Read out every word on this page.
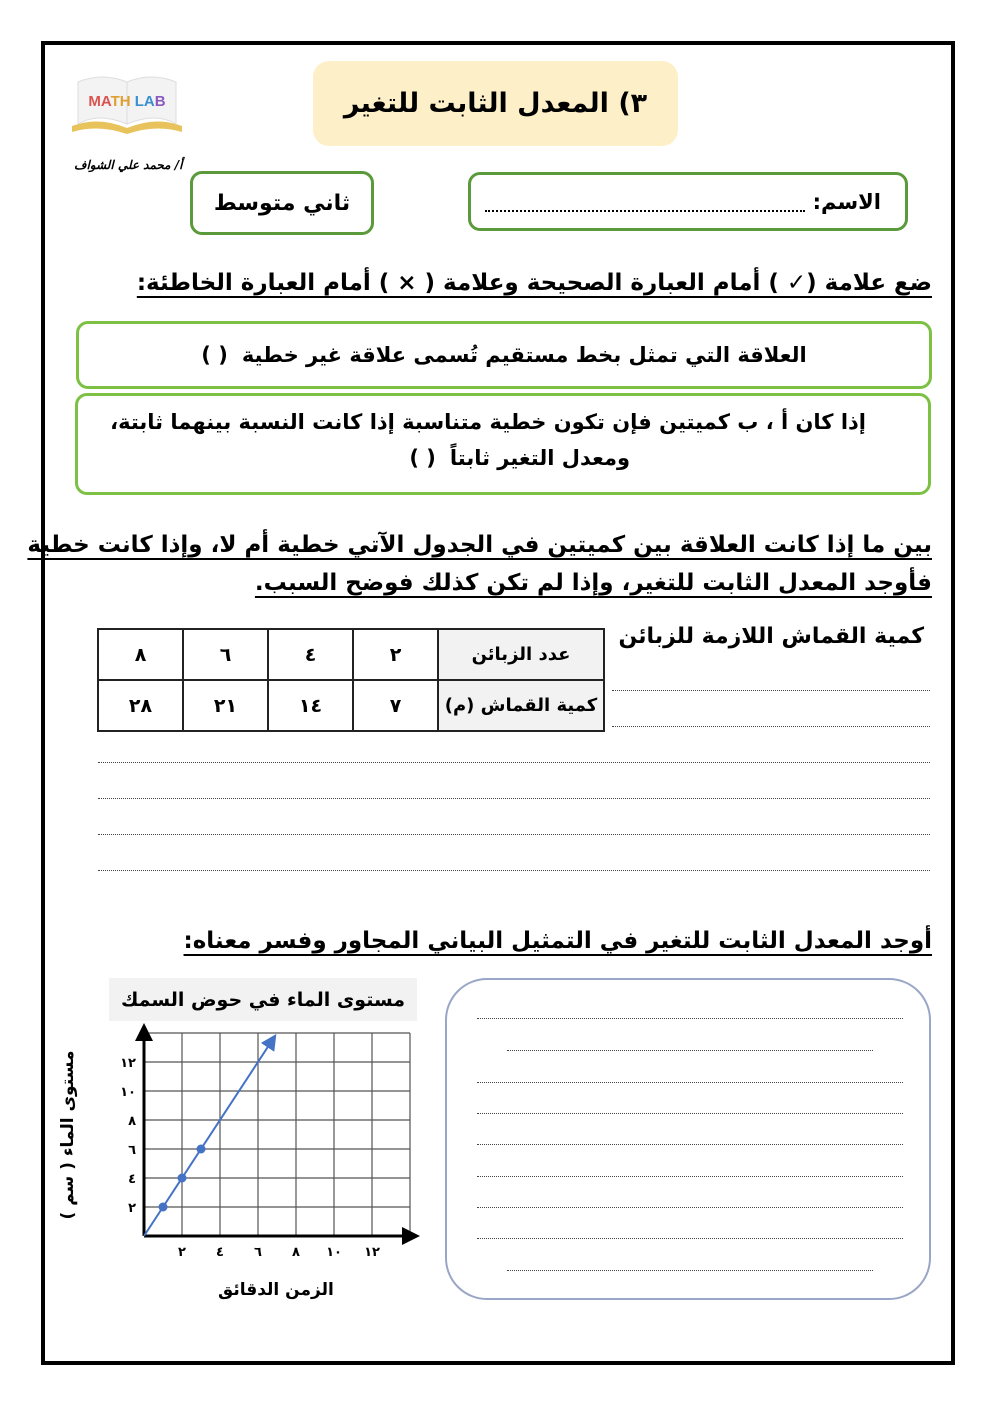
MATH LAB	٣) المعدل الثابت للتغير
أ/ محمد علي الشواف
ثاني متوسط	الاسم:
ضع علامة (✓ ) أمام العبارة الصحيحة وعلامة ( × ) أمام العبارة الخاطئة:
العلاقة التي تمثل بخط مستقيم تُسمى علاقة غير خطية
( )
إذا كان أ ، ب كميتين فإن تكون خطية متناسبة إذا كانت النسبة بينهما ثابتة،
ومعدل التغير ثابتاً
( )
بين ما إذا كانت العلاقة بين كميتين في الجدول الآتي خطية أم لا، وإذا كانت خطية
فأوجد المعدل الثابت للتغير، وإذا لم تكن كذلك فوضح السبب.
عدد الزبائن	٢	٤	٦	٨
كمية القماش (م)	٧	١٤	٢١	٢٨
كمية القماش اللازمة للزبائن
أوجد المعدل الثابت للتغير في التمثيل البياني المجاور وفسر معناه:
مستوى الماء في حوض السمك
٢ ٤ ٦ ٨ ١٠ ١٢
٢
٤
٦
٨
١٠
١٢
الزمن الدقائق
مستوى الماء ( سم )
